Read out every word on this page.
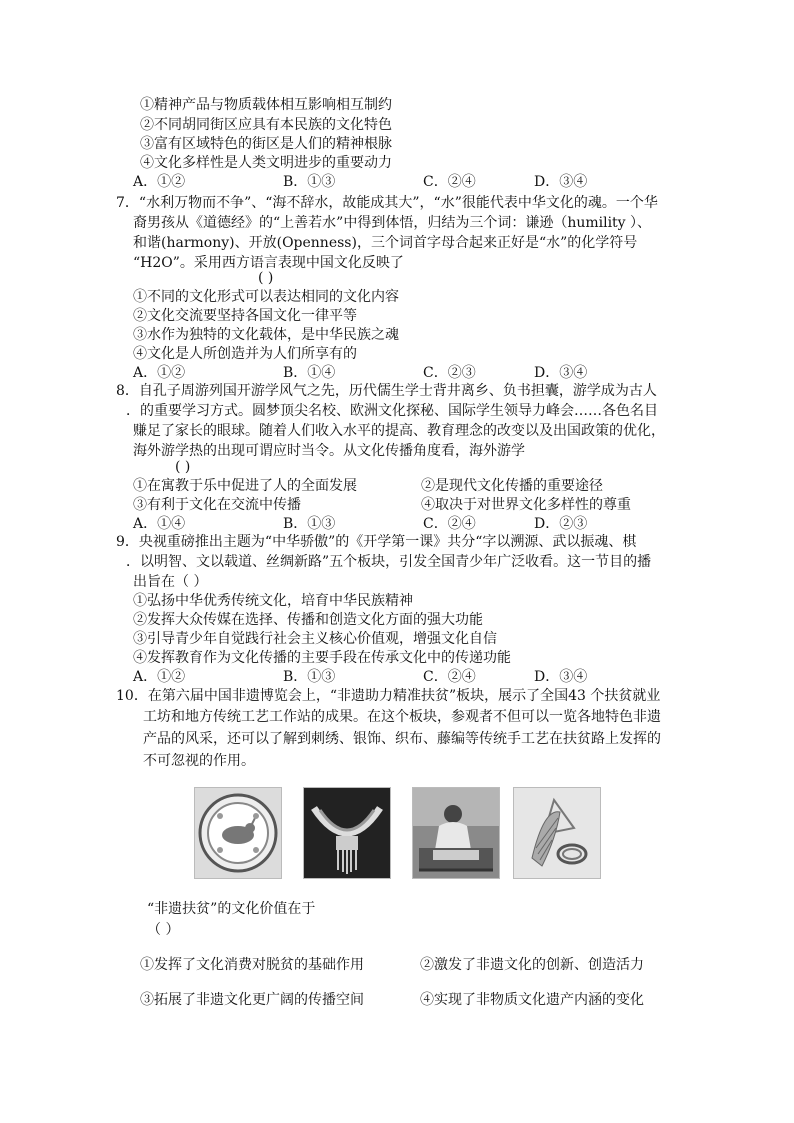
①精神产品与物质载体相互影响相互制约
②不同胡同街区应具有本民族的文化特色
③富有区域特色的街区是人们的精神根脉
④文化多样性是人类文明进步的重要动力
A．①②	B．①③	C．②④	D．③④
7．“水利万物而不争”、“海不辞水，故能成其大”，“水”很能代表中华文化的魂。一个华
裔男孩从《道德经》的“上善若水”中得到体悟，归结为三个词：谦逊（humility ）、
和谐(harmony)、开放(Openness)，三个词首字母合起来正好是“水”的化学符号
“H2O”。采用西方语言表现中国文化反映了
( )
①不同的文化形式可以表达相同的文化内容
②文化交流要坚持各国文化一律平等
③水作为独特的文化载体，是中华民族之魂
④文化是人所创造并为人们所享有的
A．①②	B．①④	C．②③	D．③④
8．自孔子周游列国开游学风气之先，历代儒生学士背井离乡、负书担囊，游学成为古人
．的重要学习方式。圆梦顶尖名校、欧洲文化探秘、国际学生领导力峰会……各色名目
赚足了家长的眼球。随着人们收入水平的提高、教育理念的改变以及出国政策的优化，
海外游学热的出现可谓应时当令。从文化传播角度看，海外游学
( )
①在寓教于乐中促进了人的全面发展	②是现代文化传播的重要途径
③有利于文化在交流中传播	④取决于对世界文化多样性的尊重
A．①④	B．①③	C．②④	D．②③
9．央视重磅推出主题为“中华骄傲”的《开学第一课》共分“字以溯源、武以振魂、棋
．以明智、文以载道、丝绸新路”五个板块，引发全国青少年广泛收看。这一节目的播
出旨在（ ）
①弘扬中华优秀传统文化，培育中华民族精神
②发挥大众传媒在选择、传播和创造文化方面的强大功能
③引导青少年自觉践行社会主义核心价值观，增强文化自信
④发挥教育作为文化传播的主要手段在传承文化中的传递功能
A．①②	B．①③	C．②④	D．③④
10．在第六届中国非遗博览会上，“非遗助力精准扶贫”板块，展示了全国43 个扶贫就业
工坊和地方传统工艺工作站的成果。在这个板块，参观者不但可以一览各地特色非遗
产品的风采，还可以了解到刺绣、银饰、织布、藤编等传统手工艺在扶贫路上发挥的
不可忽视的作用。
“非遗扶贫”的文化价值在于
（ ）
①发挥了文化消费对脱贫的基础作用	②激发了非遗文化的创新、创造活力
③拓展了非遗文化更广阔的传播空间	④实现了非物质文化遗产内涵的变化
